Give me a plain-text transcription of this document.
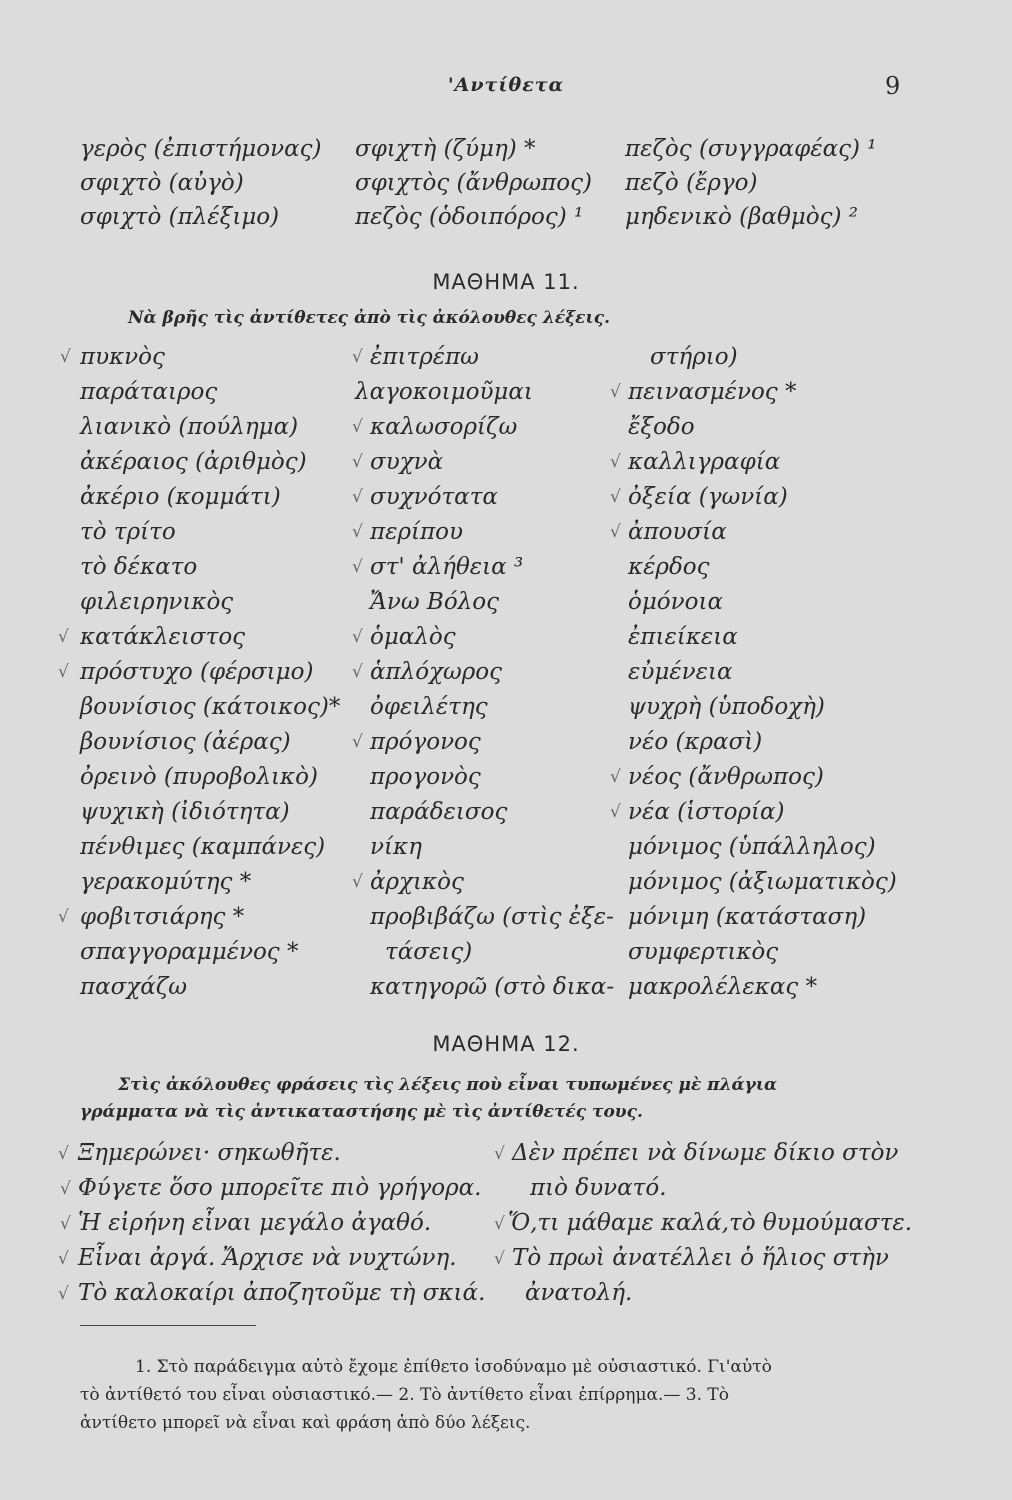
'Αντίθετα	9
γερὸς (ἐπιστήμονας)
σφιχτὸ (αὐγὸ)
σφιχτὸ (πλέξιμο)
σφιχτὴ (ζύμη) *
σφιχτὸς (ἄνθρωπος)
πεζὸς (ὁδοιπόρος) ¹
πεζὸς (συγγραφέας) ¹
πεζὸ (ἔργο)
μηδενικὸ (βαθμὸς) ²
ΜΑΘΗΜΑ 11.
Νὰ βρῆς τὶς ἀντίθετες ἀπὸ τὶς ἀκόλουθες λέξεις.
πυκνὸς
παράταιρος
λιανικὸ (πούλημα)
ἀκέραιος (ἀριθμὸς)
ἀκέριο (κομμάτι)
τὸ τρίτο
τὸ δέκατο
φιλειρηνικὸς
κατάκλειστος
πρόστυχο (φέρσιμο)
βουνίσιος (κάτοικος)*
βουνίσιος (ἀέρας)
ὀρεινὸ (πυροβολικὸ)
ψυχικὴ (ἰδιότητα)
πένθιμες (καμπάνες)
γερακομύτης *
φοβιτσιάρης *
σπαγγοραμμένος *
πασχάζω
ἐπιτρέπω
λαγοκοιμοῦμαι
καλωσορίζω
συχνὰ
συχνότατα
περίπου
στ' ἀλήθεια ³
Ἄνω Βόλος
ὁμαλὸς
ἁπλόχωρος
ὀφειλέτης
πρόγονος
προγονὸς
παράδεισος
νίκη
ἀρχικὸς
προβιβάζω (στὶς ἐξε-
τάσεις)
κατηγορῶ (στὸ δικα-
στήριο)
πεινασμένος *
ἔξοδο
καλλιγραφία
ὀξεία (γωνία)
ἀπουσία
κέρδος
ὁμόνοια
ἐπιείκεια
εὐμένεια
ψυχρὴ (ὑποδοχὴ)
νέο (κρασὶ)
νέος (ἄνθρωπος)
νέα (ἱστορία)
μόνιμος (ὑπάλληλος)
μόνιμος (ἀξιωματικὸς)
μόνιμη (κατάσταση)
συμφερτικὸς
μακρολέλεκας *
√
√
√
√
√
√
√
√
√
√
√
√
√
√
√
√
√
√
√
√
√
√
√
√
√
√
√
√
ΜΑΘΗΜΑ 12.
Στὶς ἀκόλουθες φράσεις τὶς λέξεις ποὺ εἶναι τυπωμένες μὲ πλάγια
γράμματα νὰ τὶς ἀντικαταστήσης μὲ τὶς ἀντίθετές τους.
Ξημερώνει· σηκωθῆτε.
Φύγετε ὅσο μπορεῖτε πιὸ γρήγορα.
Ἡ εἰρήνη εἶναι μεγάλο ἀγαθό.
Εἶναι ἀργά. Ἄρχισε νὰ νυχτώνη.
Τὸ καλοκαίρι ἀποζητοῦμε τὴ σκιά.
Δὲν πρέπει νὰ δίνωμε δίκιο στὸν
πιὸ δυνατό.
Ὅ,τι μάθαμε καλά,τὸ θυμούμαστε.
Τὸ πρωὶ ἀνατέλλει ὁ ἥλιος στὴν
ἀνατολή.
1. Στὸ παράδειγμα αὐτὸ ἔχομε ἐπίθετο ἰσοδύναμο μὲ οὐσιαστικό. Γι'αὐτὸ
τὸ ἀντίθετό του εἶναι οὐσιαστικό.— 2. Τὸ ἀντίθετο εἶναι ἐπίρρημα.— 3. Τὸ
ἀντίθετο μπορεῖ νὰ εἶναι καὶ φράση ἀπὸ δύο λέξεις.
